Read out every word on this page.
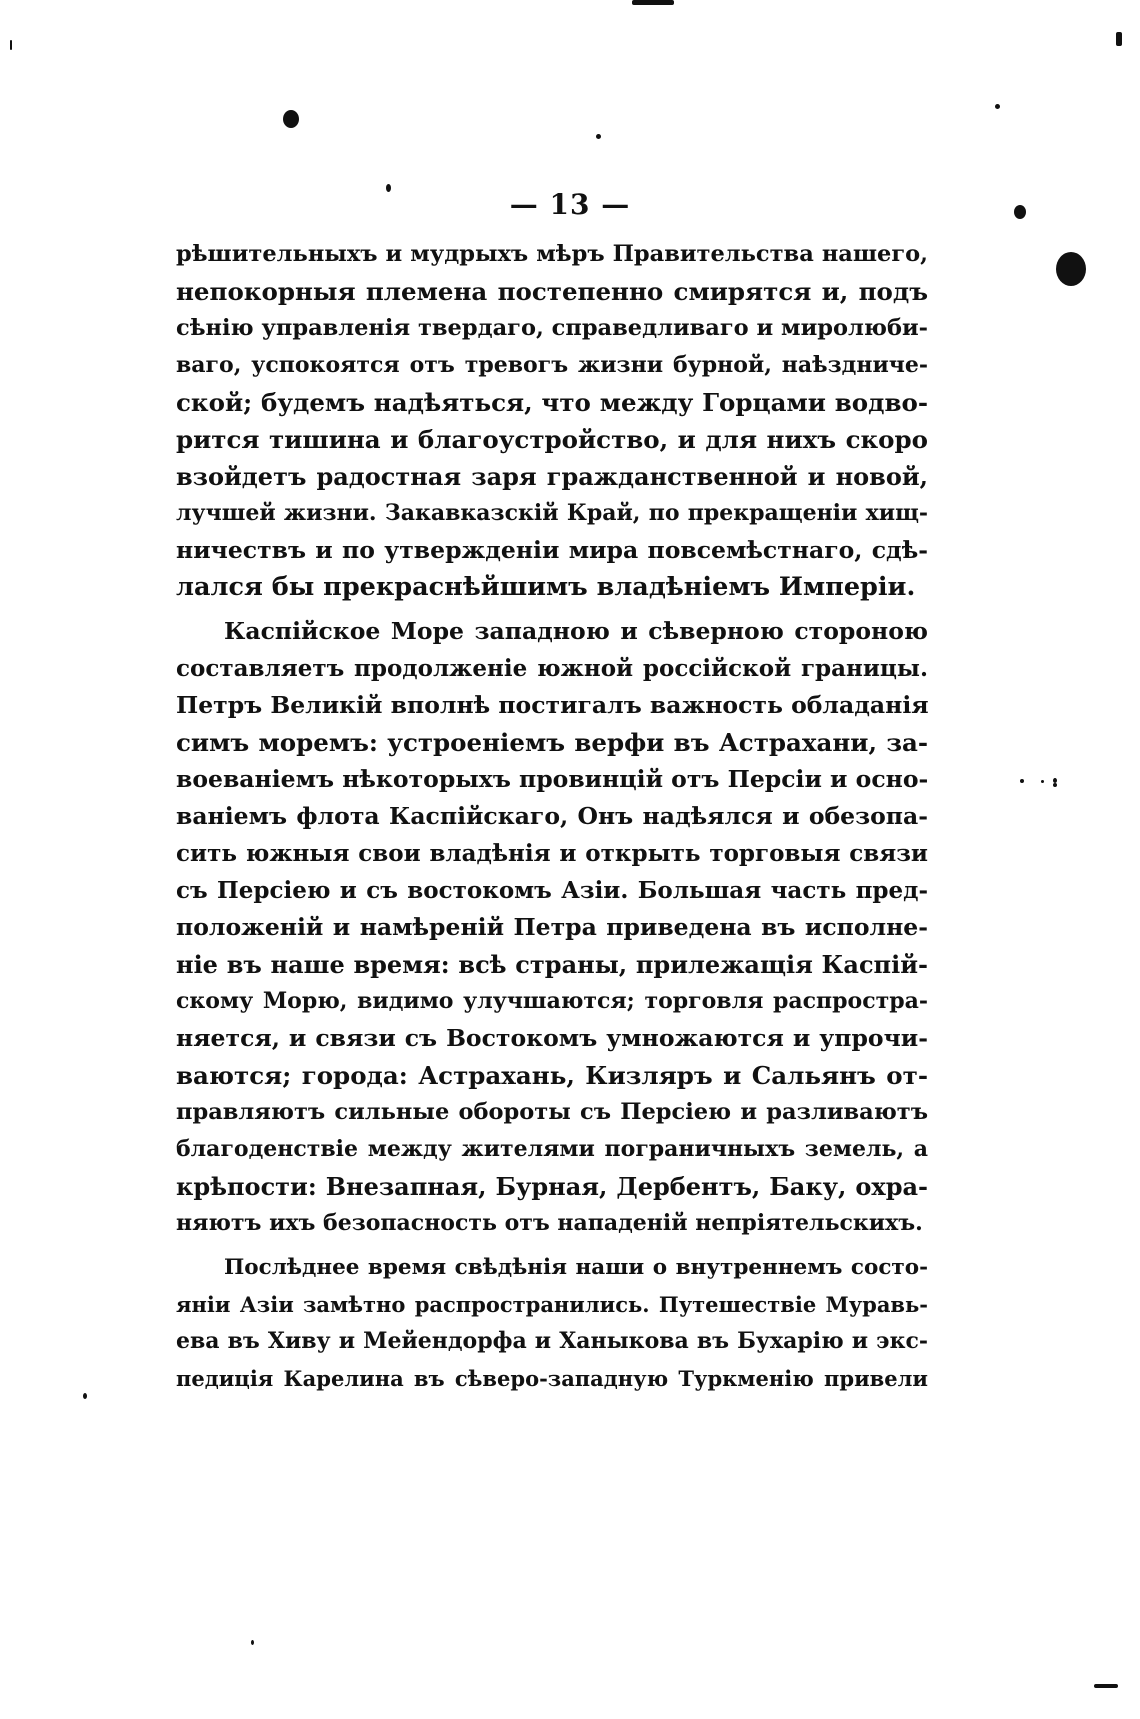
— 13 —
рѣшительныхъ и мудрыхъ мѣръ Правительства нашего,
непокорныя племена постепенно смирятся и, подъ
сѣнію управленія твердаго, справедливаго и миролюби-
ваго, успокоятся отъ тревогъ жизни бурной, наѣздниче-
ской; будемъ надѣяться, что между Горцами водво-
рится тишина и благоустройство, и для нихъ скоро
взойдетъ радостная заря гражданственной и новой,
лучшей жизни. Закавказскій Край, по прекращеніи хищ-
ничествъ и по утвержденіи мира повсемѣстнаго, сдѣ-
лался бы прекраснѣйшимъ владѣніемъ Имперіи.
Каспійское Море западною и сѣверною стороною
составляетъ продолженіе южной россійской границы.
Петръ Великій вполнѣ постигалъ важность обладанія
симъ моремъ: устроеніемъ верфи въ Астрахани, за-
воеваніемъ нѣкоторыхъ провинцій отъ Персіи и осно-
ваніемъ флота Каспійскаго, Онъ надѣялся и обезопа-
сить южныя свои владѣнія и открыть торговыя связи
съ Персіею и съ востокомъ Азіи. Большая часть пред-
положеній и намѣреній Петра приведена въ исполне-
ніе въ наше время: всѣ страны, прилежащія Каспій-
скому Морю, видимо улучшаются; торговля распростра-
няется, и связи съ Востокомъ умножаются и упрочи-
ваются; города: Астрахань, Кизляръ и Сальянъ от-
правляютъ сильные обороты съ Персіею и разливаютъ
благоденствіе между жителями пограничныхъ земель, а
крѣпости: Внезапная, Бурная, Дербентъ, Баку, охра-
няютъ ихъ безопасность отъ нападеній непріятельскихъ.
Послѣднее время свѣдѣнія наши о внутреннемъ состо-
яніи Азіи замѣтно распространились. Путешествіе Муравь-
ева въ Хиву и Мейендорфа и Ханыкова въ Бухарію и экс-
педиція Карелина въ сѣверо-западную Туркменію привели
